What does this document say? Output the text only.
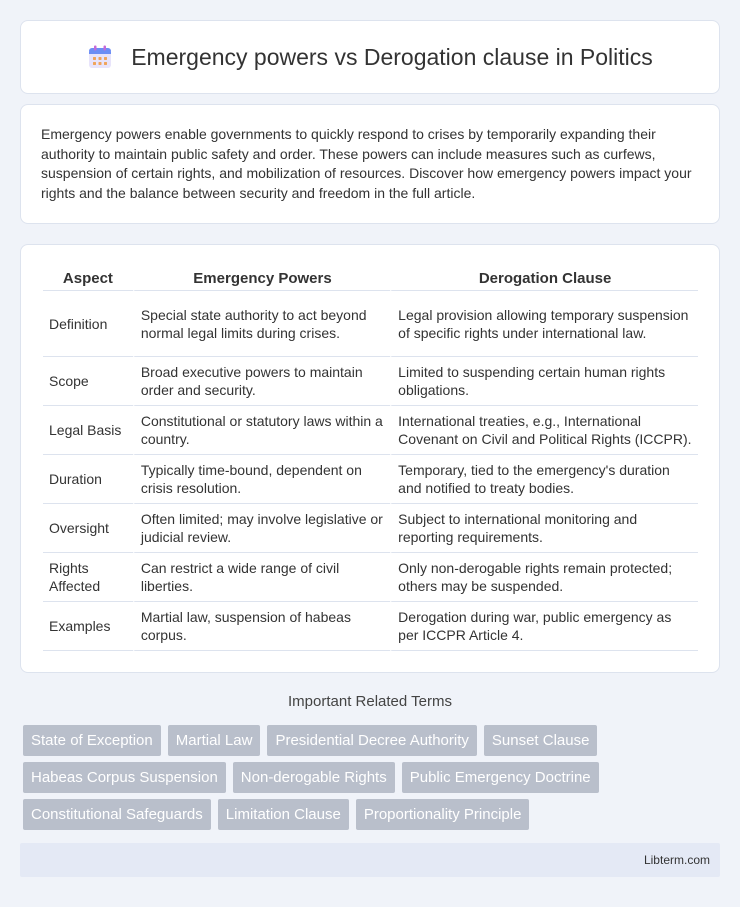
Emergency powers vs Derogation clause in Politics

Emergency powers enable governments to quickly respond to crises by temporarily expanding their authority to maintain public safety and order. These powers can include measures such as curfews, suspension of certain rights, and mobilization of resources. Discover how emergency powers impact your rights and the balance between security and freedom in the full article.

Aspect	Emergency Powers	Derogation Clause
Definition	Special state authority to act beyond normal legal limits during crises.	Legal provision allowing temporary suspension of specific rights under international law.
Scope	Broad executive powers to maintain order and security.	Limited to suspending certain human rights obligations.
Legal Basis	Constitutional or statutory laws within a country.	International treaties, e.g., International Covenant on Civil and Political Rights (ICCPR).
Duration	Typically time-bound, dependent on crisis resolution.	Temporary, tied to the emergency's duration and notified to treaty bodies.
Oversight	Often limited; may involve legislative or judicial review.	Subject to international monitoring and reporting requirements.
Rights Affected	Can restrict a wide range of civil liberties.	Only non-derogable rights remain protected; others may be suspended.
Examples	Martial law, suspension of habeas corpus.	Derogation during war, public emergency as per ICCPR Article 4.
Important Related Terms
State of Exception	Martial Law	Presidential Decree Authority	Sunset Clause
Habeas Corpus Suspension	Non-derogable Rights	Public Emergency Doctrine
Constitutional Safeguards	Limitation Clause	Proportionality Principle
Libterm.com
